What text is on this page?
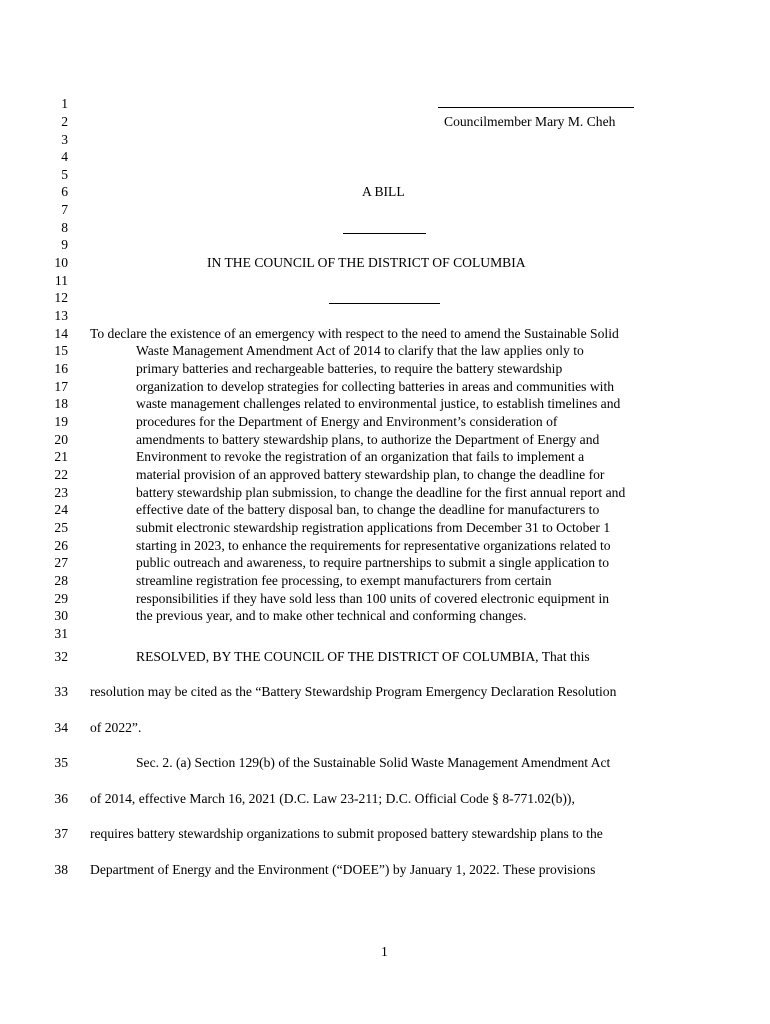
1
2
3
4
5
6
7
8
9
10
11
12
13
14
15
16
17
18
19
20
21
22
23
24
25
26
27
28
29
30
31
32
33
34
35
36
37
38
Councilmember Mary M. Cheh
A BILL
IN THE COUNCIL OF THE DISTRICT OF COLUMBIA
To declare the existence of an emergency with respect to the need to amend the Sustainable Solid
Waste Management Amendment Act of 2014 to clarify that the law applies only to
primary batteries and rechargeable batteries, to require the battery stewardship
organization to develop strategies for collecting batteries in areas and communities with
waste management challenges related to environmental justice, to establish timelines and
procedures for the Department of Energy and Environment’s consideration of
amendments to battery stewardship plans, to authorize the Department of Energy and
Environment to revoke the registration of an organization that fails to implement a
material provision of an approved battery stewardship plan, to change the deadline for
battery stewardship plan submission, to change the deadline for the first annual report and
effective date of the battery disposal ban, to change the deadline for manufacturers to
submit electronic stewardship registration applications from December 31 to October 1
starting in 2023, to enhance the requirements for representative organizations related to
public outreach and awareness, to require partnerships to submit a single application to
streamline registration fee processing, to exempt manufacturers from certain
responsibilities if they have sold less than 100 units of covered electronic equipment in
the previous year, and to make other technical and conforming changes.
RESOLVED, BY THE COUNCIL OF THE DISTRICT OF COLUMBIA, That this
resolution may be cited as the “Battery Stewardship Program Emergency Declaration Resolution
of 2022”.
Sec. 2. (a) Section 129(b) of the Sustainable Solid Waste Management Amendment Act
of 2014, effective March 16, 2021 (D.C. Law 23-211; D.C. Official Code § 8-771.02(b)),
requires battery stewardship organizations to submit proposed battery stewardship plans to the
Department of Energy and the Environment (“DOEE”) by January 1, 2022. These provisions
1
